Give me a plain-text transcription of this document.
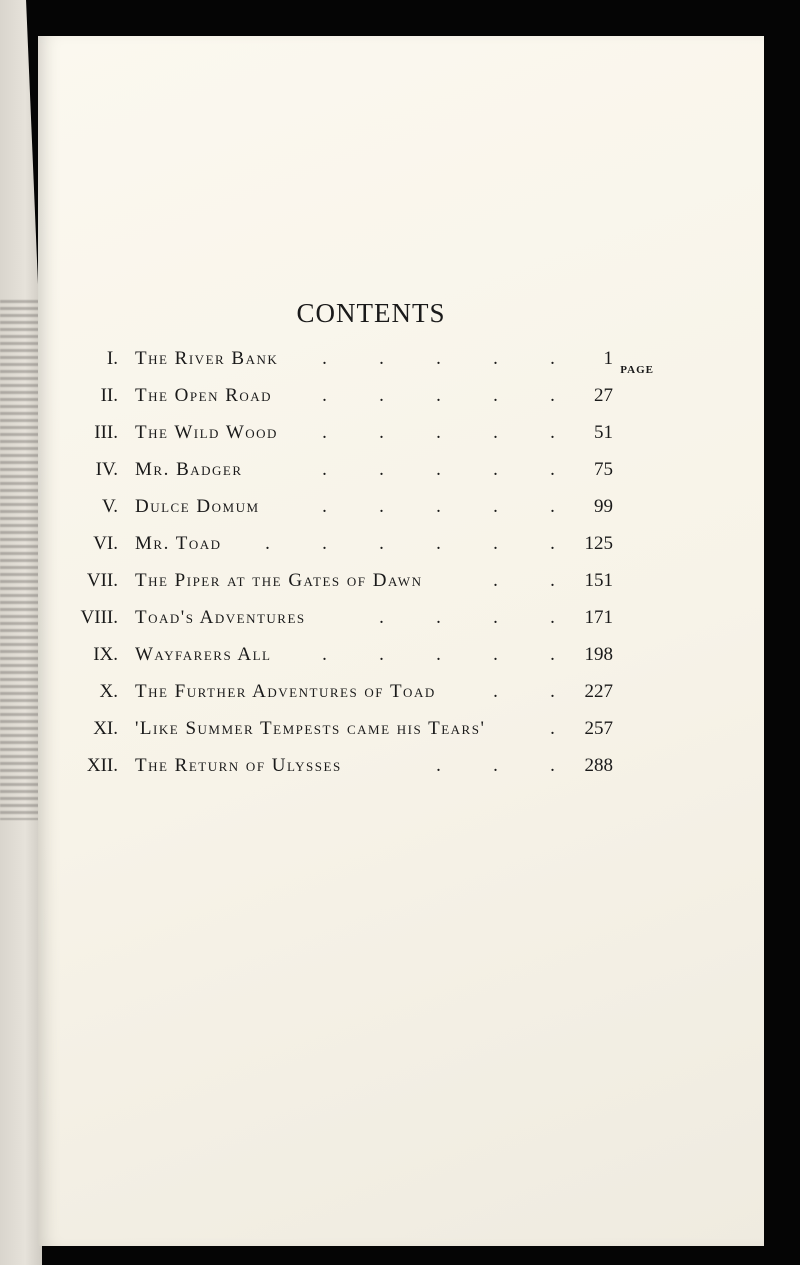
CONTENTS
PAGE
I. The River Bank	.	.	.	.	.	1
II. The Open Road	.	.	.	.	.	27
III. The Wild Wood	.	.	.	.	.	51
IV. Mr. Badger	.	.	.	.	.	75
V. Dulce Domum	.	.	.	.	.	99
VI. Mr. Toad	.	.	.	.	.	.	125
VII. The Piper at the Gates of Dawn	.	.	151
VIII. Toad's Adventures	.	.	.	.	171
IX. Wayfarers All	.	.	.	.	.	198
X. The Further Adventures of Toad	.	.	227
XI. 'Like Summer Tempests came his Tears'	.	257
XII. The Return of Ulysses	.	.	.	288
